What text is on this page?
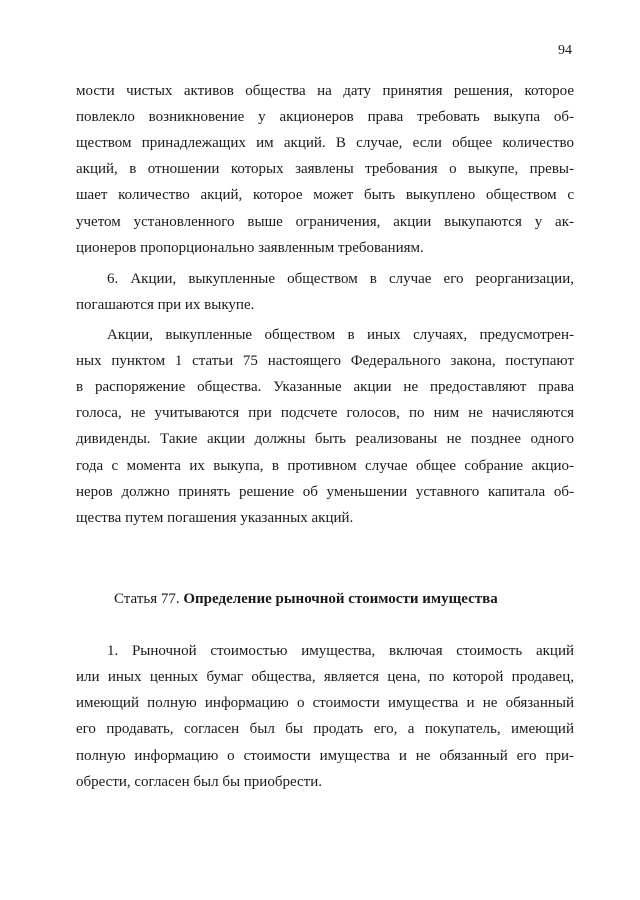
94
мости чистых активов общества на дату принятия решения, которое
повлекло возникновение у акционеров права требовать выкупа об-
ществом принадлежащих им акций. В случае, если общее количество
акций, в отношении которых заявлены требования о выкупе, превы-
шает количество акций, которое может быть выкуплено обществом с
учетом установленного выше ограничения, акции выкупаются у ак-
ционеров пропорционально заявленным требованиям.
6. Акции, выкупленные обществом в случае его реорганизации,
погашаются при их выкупе.
Акции, выкупленные обществом в иных случаях, предусмотрен-
ных пунктом 1 статьи 75 настоящего Федерального закона, поступают
в распоряжение общества. Указанные акции не предоставляют права
голоса, не учитываются при подсчете голосов, по ним не начисляются
дивиденды. Такие акции должны быть реализованы не позднее одного
года с момента их выкупа, в противном случае общее собрание акцио-
неров должно принять решение об уменьшении уставного капитала об-
щества путем погашения указанных акций.
Статья 77. Определение рыночной стоимости имущества
1. Рыночной стоимостью имущества, включая стоимость акций
или иных ценных бумаг общества, является цена, по которой продавец,
имеющий полную информацию о стоимости имущества и не обязанный
его продавать, согласен был бы продать его, а покупатель, имеющий
полную информацию о стоимости имущества и не обязанный его при-
обрести, согласен был бы приобрести.
